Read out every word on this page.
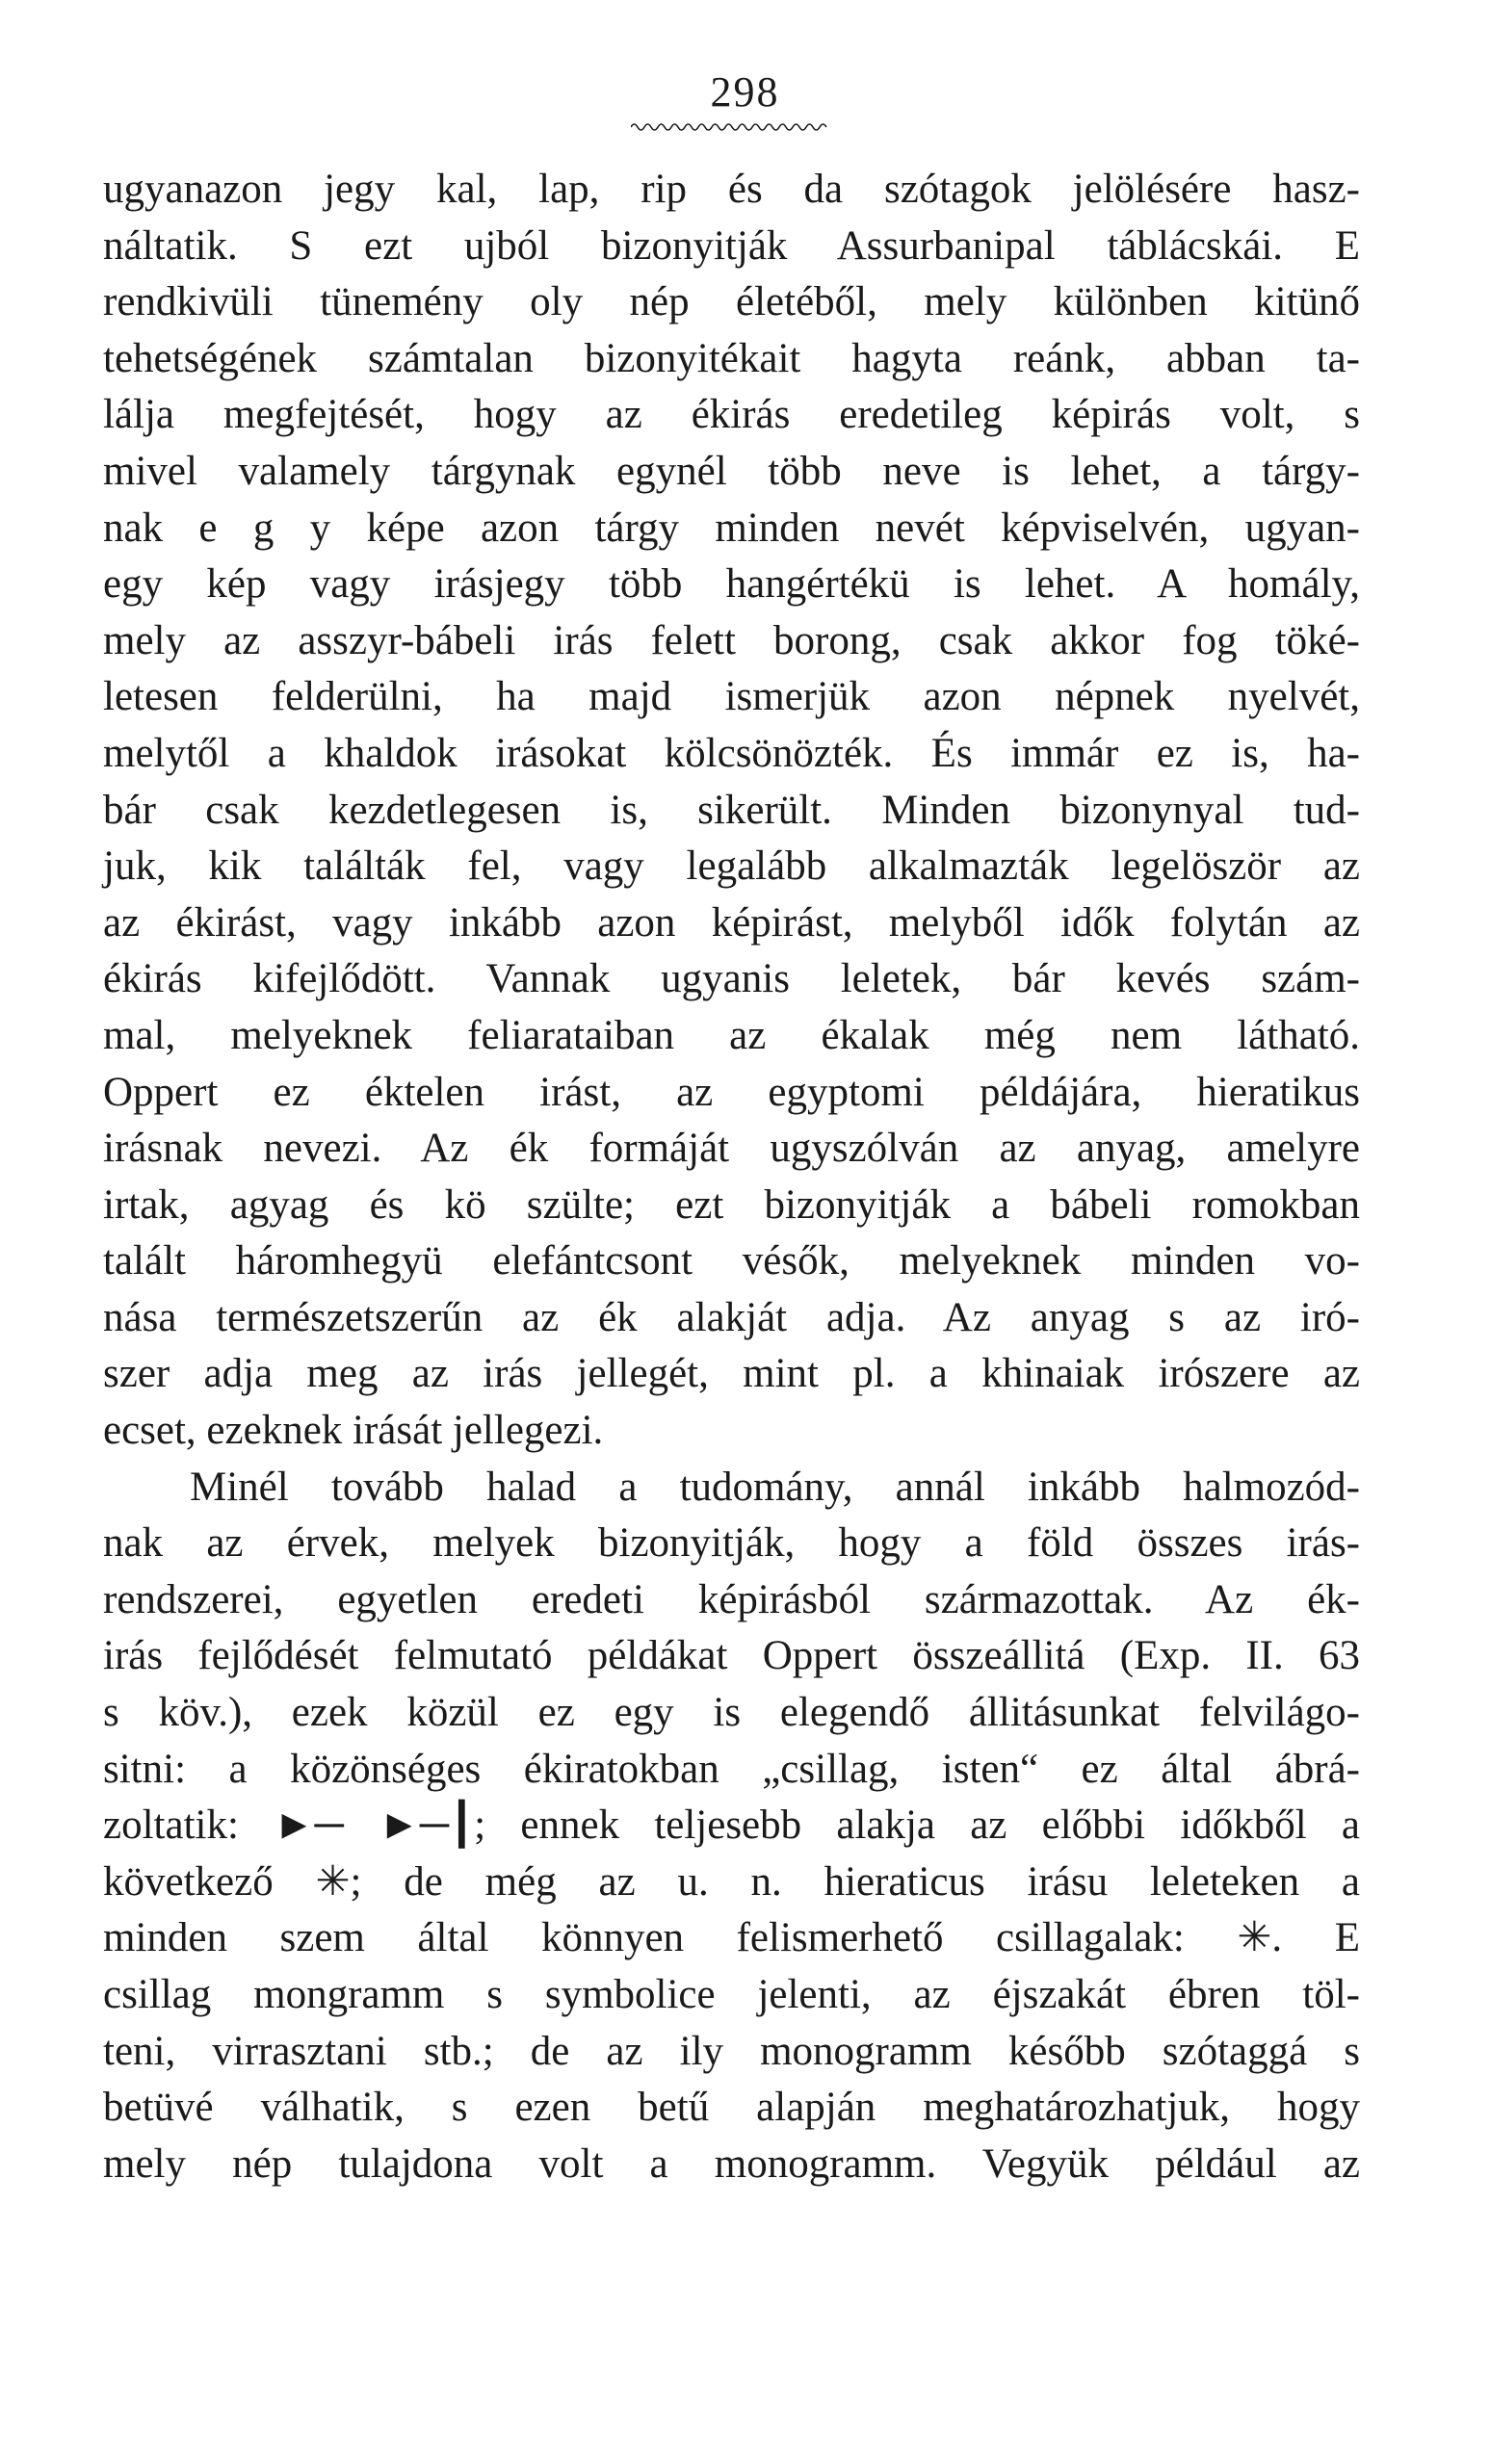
298
ugyanazon jegy kal, lap, rip és da szótagok jelölésére hasz-
náltatik. S ezt ujból bizonyitják Assurbanipal táblácskái. E
rendkivüli tünemény oly nép életéből, mely különben kitünő
tehetségének számtalan bizonyitékait hagyta reánk, abban ta-
lálja megfejtését, hogy az ékirás eredetileg képirás volt, s
mivel valamely tárgynak egynél több neve is lehet, a tárgy-
nak e g y képe azon tárgy minden nevét képviselvén, ugyan-
egy kép vagy irásjegy több hangértékü is lehet. A homály,
mely az asszyr-bábeli irás felett borong, csak akkor fog töké-
letesen felderülni, ha majd ismerjük azon népnek nyelvét,
melytől a khaldok irásokat kölcsönözték. És immár ez is, ha-
bár csak kezdetlegesen is, sikerült. Minden bizonynyal tud-
juk, kik találták fel, vagy legalább alkalmazták legelöször az
az ékirást, vagy inkább azon képirást, melyből idők folytán az
ékirás kifejlődött. Vannak ugyanis leletek, bár kevés szám-
mal, melyeknek feliarataiban az ékalak még nem látható.
Oppert ez éktelen irást, az egyptomi példájára, hieratikus
irásnak nevezi. Az ék formáját ugyszólván az anyag, amelyre
irtak, agyag és kö szülte; ezt bizonyitják a bábeli romokban
talált háromhegyü elefántcsont vésők, melyeknek minden vo-
nása természetszerűn az ék alakját adja. Az anyag s az iró-
szer adja meg az irás jellegét, mint pl. a khinaiak irószere az
ecset, ezeknek irását jellegezi.
Minél tovább halad a tudomány, annál inkább halmozód-
nak az érvek, melyek bizonyitják, hogy a föld összes irás-
rendszerei, egyetlen eredeti képirásból származottak. Az ék-
irás fejlődését felmutató példákat Oppert összeállitá (Exp. II. 63
s köv.), ezek közül ez egy is elegendő állitásunkat felvilágo-
sitni: a közönséges ékiratokban „csillag, isten“ ez által ábrá-
zoltatik: ►─ ►─┃; ennek teljesebb alakja az előbbi időkből a
következő ✳; de még az u. n. hieraticus irásu leleteken a
minden szem által könnyen felismerhető csillagalak: ✳. E
csillag mongramm s symbolice jelenti, az éjszakát ébren töl-
teni, virrasztani stb.; de az ily monogramm később szótaggá s
betüvé válhatik, s ezen betű alapján meghatározhatjuk, hogy
mely nép tulajdona volt a monogramm. Vegyük például az
